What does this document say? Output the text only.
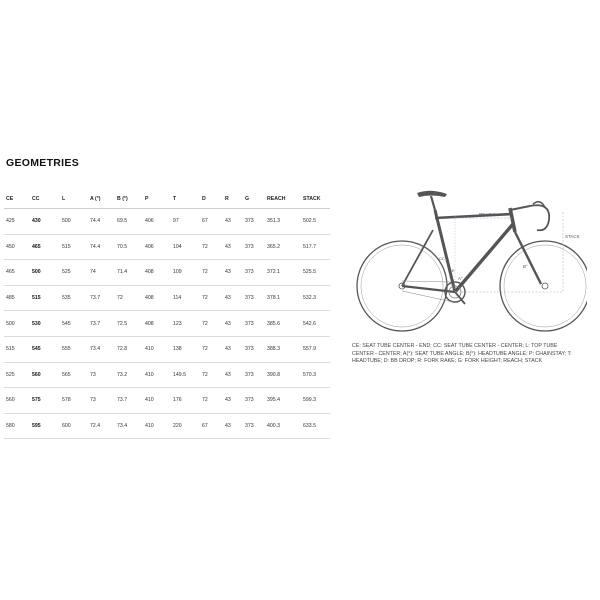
GEOMETRIES
CE	CC	L	A (°)	B (°)	P	T	D	R	G	REACH	STACK
425	430	500	74.4	69.5	406	97	67	43	373	351.3	502.5
450	465	515	74.4	70.5	406	104	72	43	373	365.2	517.7
465	500	525	74	71.4	408	109	72	43	373	372.1	525.5
485	515	535	73.7	72	408	114	72	43	373	378.1	532.3
500	530	545	73.7	72.5	408	123	72	43	373	385.6	542.6
515	545	555	73.4	72.8	410	138	72	43	373	388.3	557.9
525	560	565	73	73.2	410	149.5	72	43	373	390.8	570.3
560	575	578	73	73.7	410	176	72	43	373	395.4	599.3
580	595	600	72.4	73.4	410	220	67	43	373	400.3	633.5
REACH
STACK
B°
A°
CC
CE
CE: SEAT TUBE CENTER - END; CC: SEAT TUBE CENTER - CENTER; L: TOP TUBE CENTER - CENTER; A(°): SEAT TUBE ANGLE; B(°): HEADTUBE ANGLE; P: CHAINSTAY; T: HEADTUBE; D: BB DROP; R: FORK RAKE; G: FORK HEIGHT; REACH; STACK
